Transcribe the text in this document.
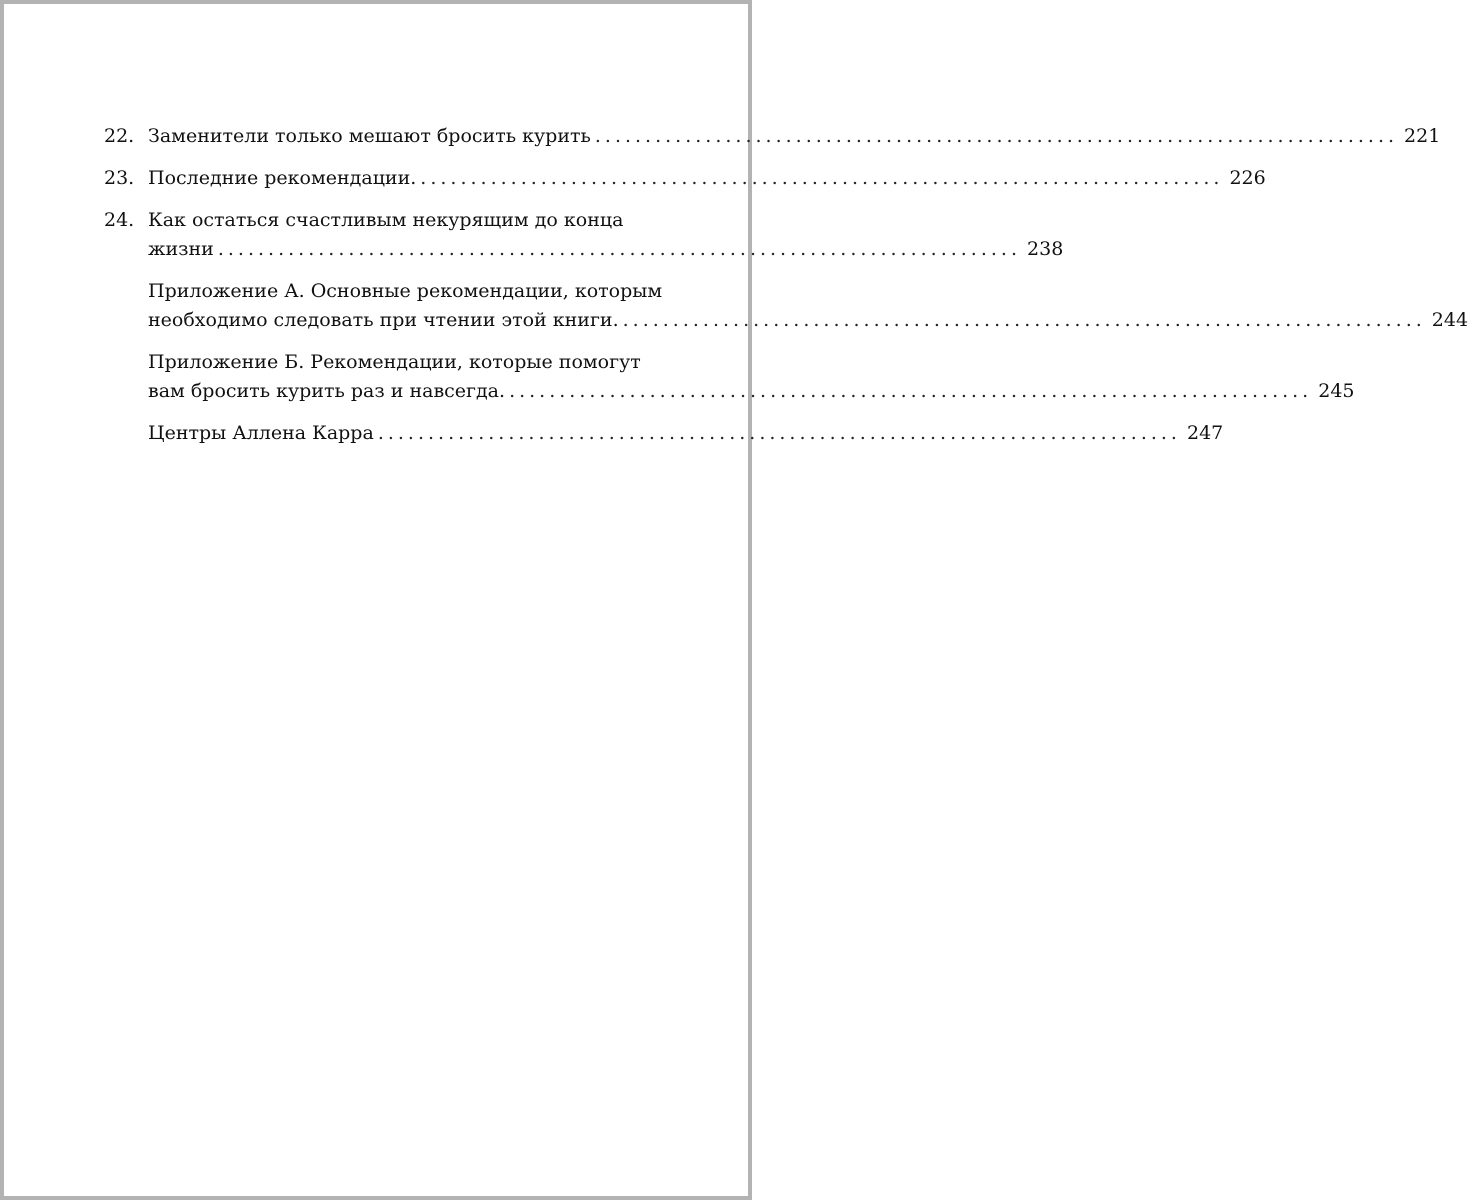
22. Заменители только мешают бросить курить ................................................................................ 221
23. Последние рекомендации. ................................................................................ 226
24. Как остаться счастливым некурящим до конца
жизни ................................................................................ 238
Приложение А. Основные рекомендации, которым
необходимо следовать при чтении этой книги. ................................................................................ 244
Приложение Б. Рекомендации, которые помогут
вам бросить курить раз и навсегда. ................................................................................ 245
Центры Аллена Карра ................................................................................ 247
